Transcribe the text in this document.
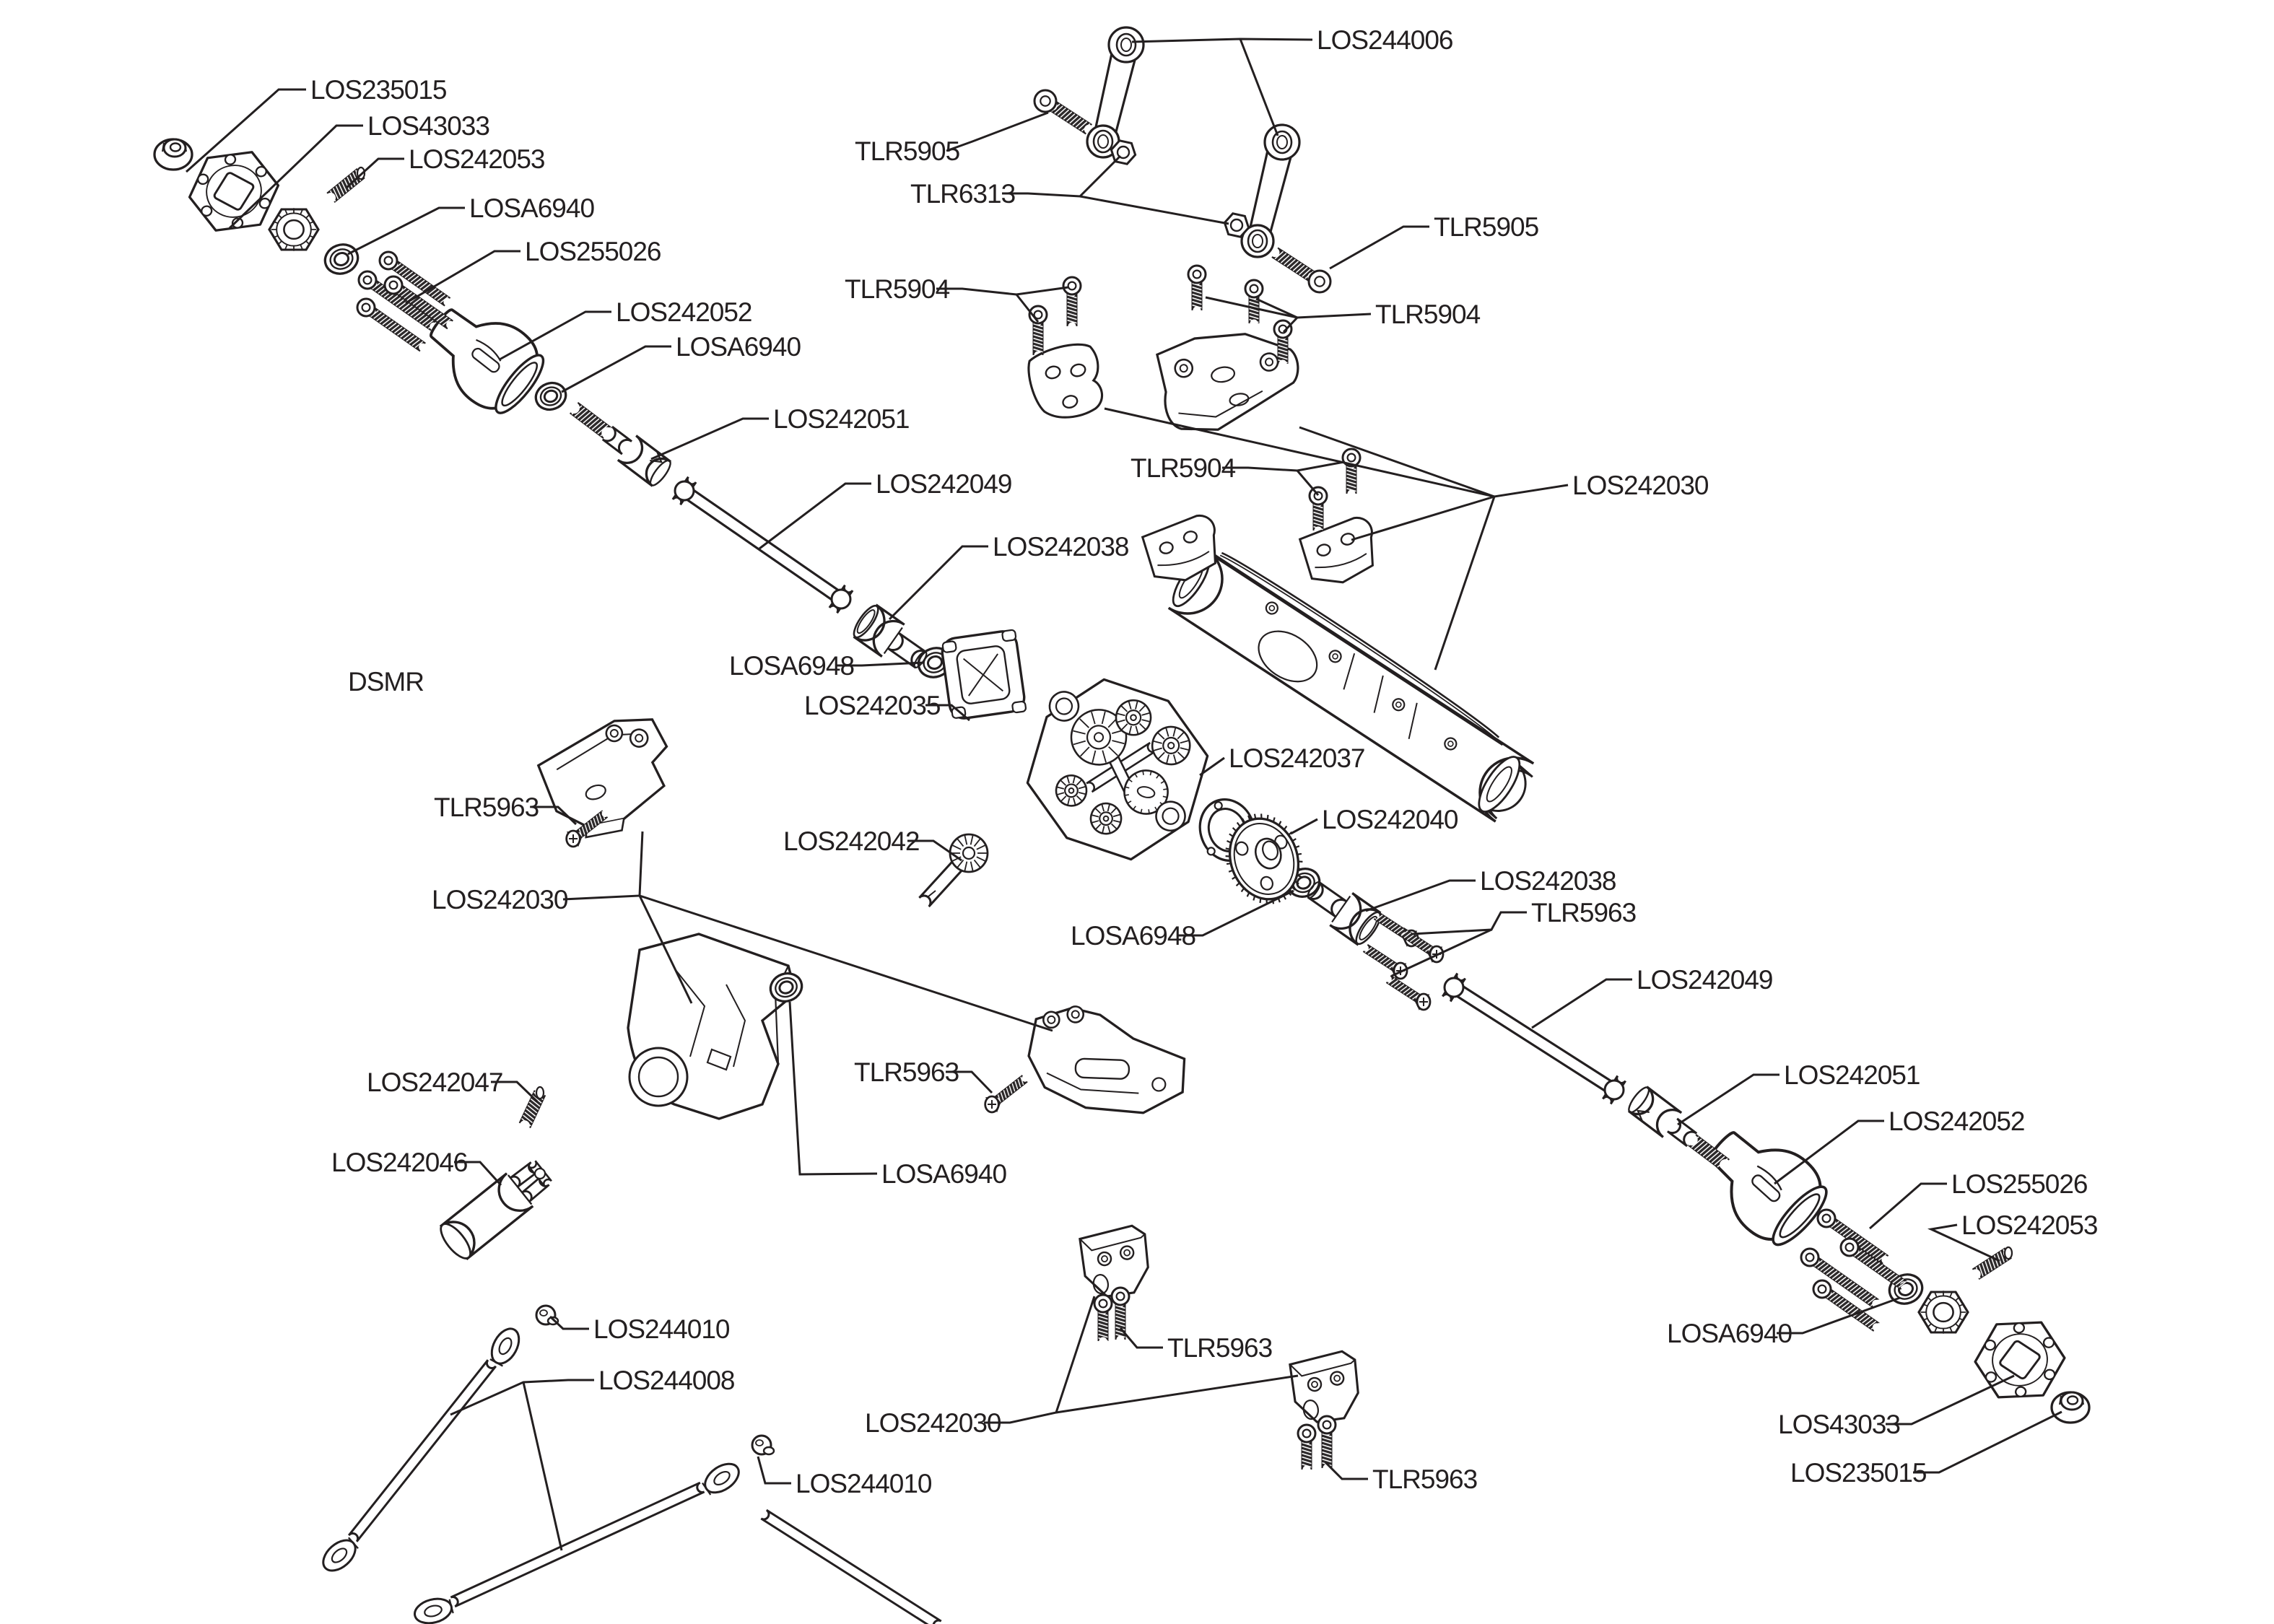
LOS235015
LOS43033
LOS242053
LOSA6940
LOS255026
LOS242052
LOSA6940
LOS242051
LOS242049
LOS242038
LOSA6948
LOS242035
DSMR
TLR5963
LOS242030
LOS242047
LOS242046
LOS244010
LOS244008
LOS244010
LOS242042
LOS242037
LOS242040
LOS242038
TLR5963
LOSA6948
LOS242049
LOS242051
LOS242052
LOS255026
LOS242053
LOSA6940
LOS43033
LOS235015
TLR5905
TLR6313
LOS244006
TLR5905
TLR5904
TLR5904
TLR5904
LOS242030
TLR5963
LOSA6940
TLR5963
LOS242030
TLR5963
